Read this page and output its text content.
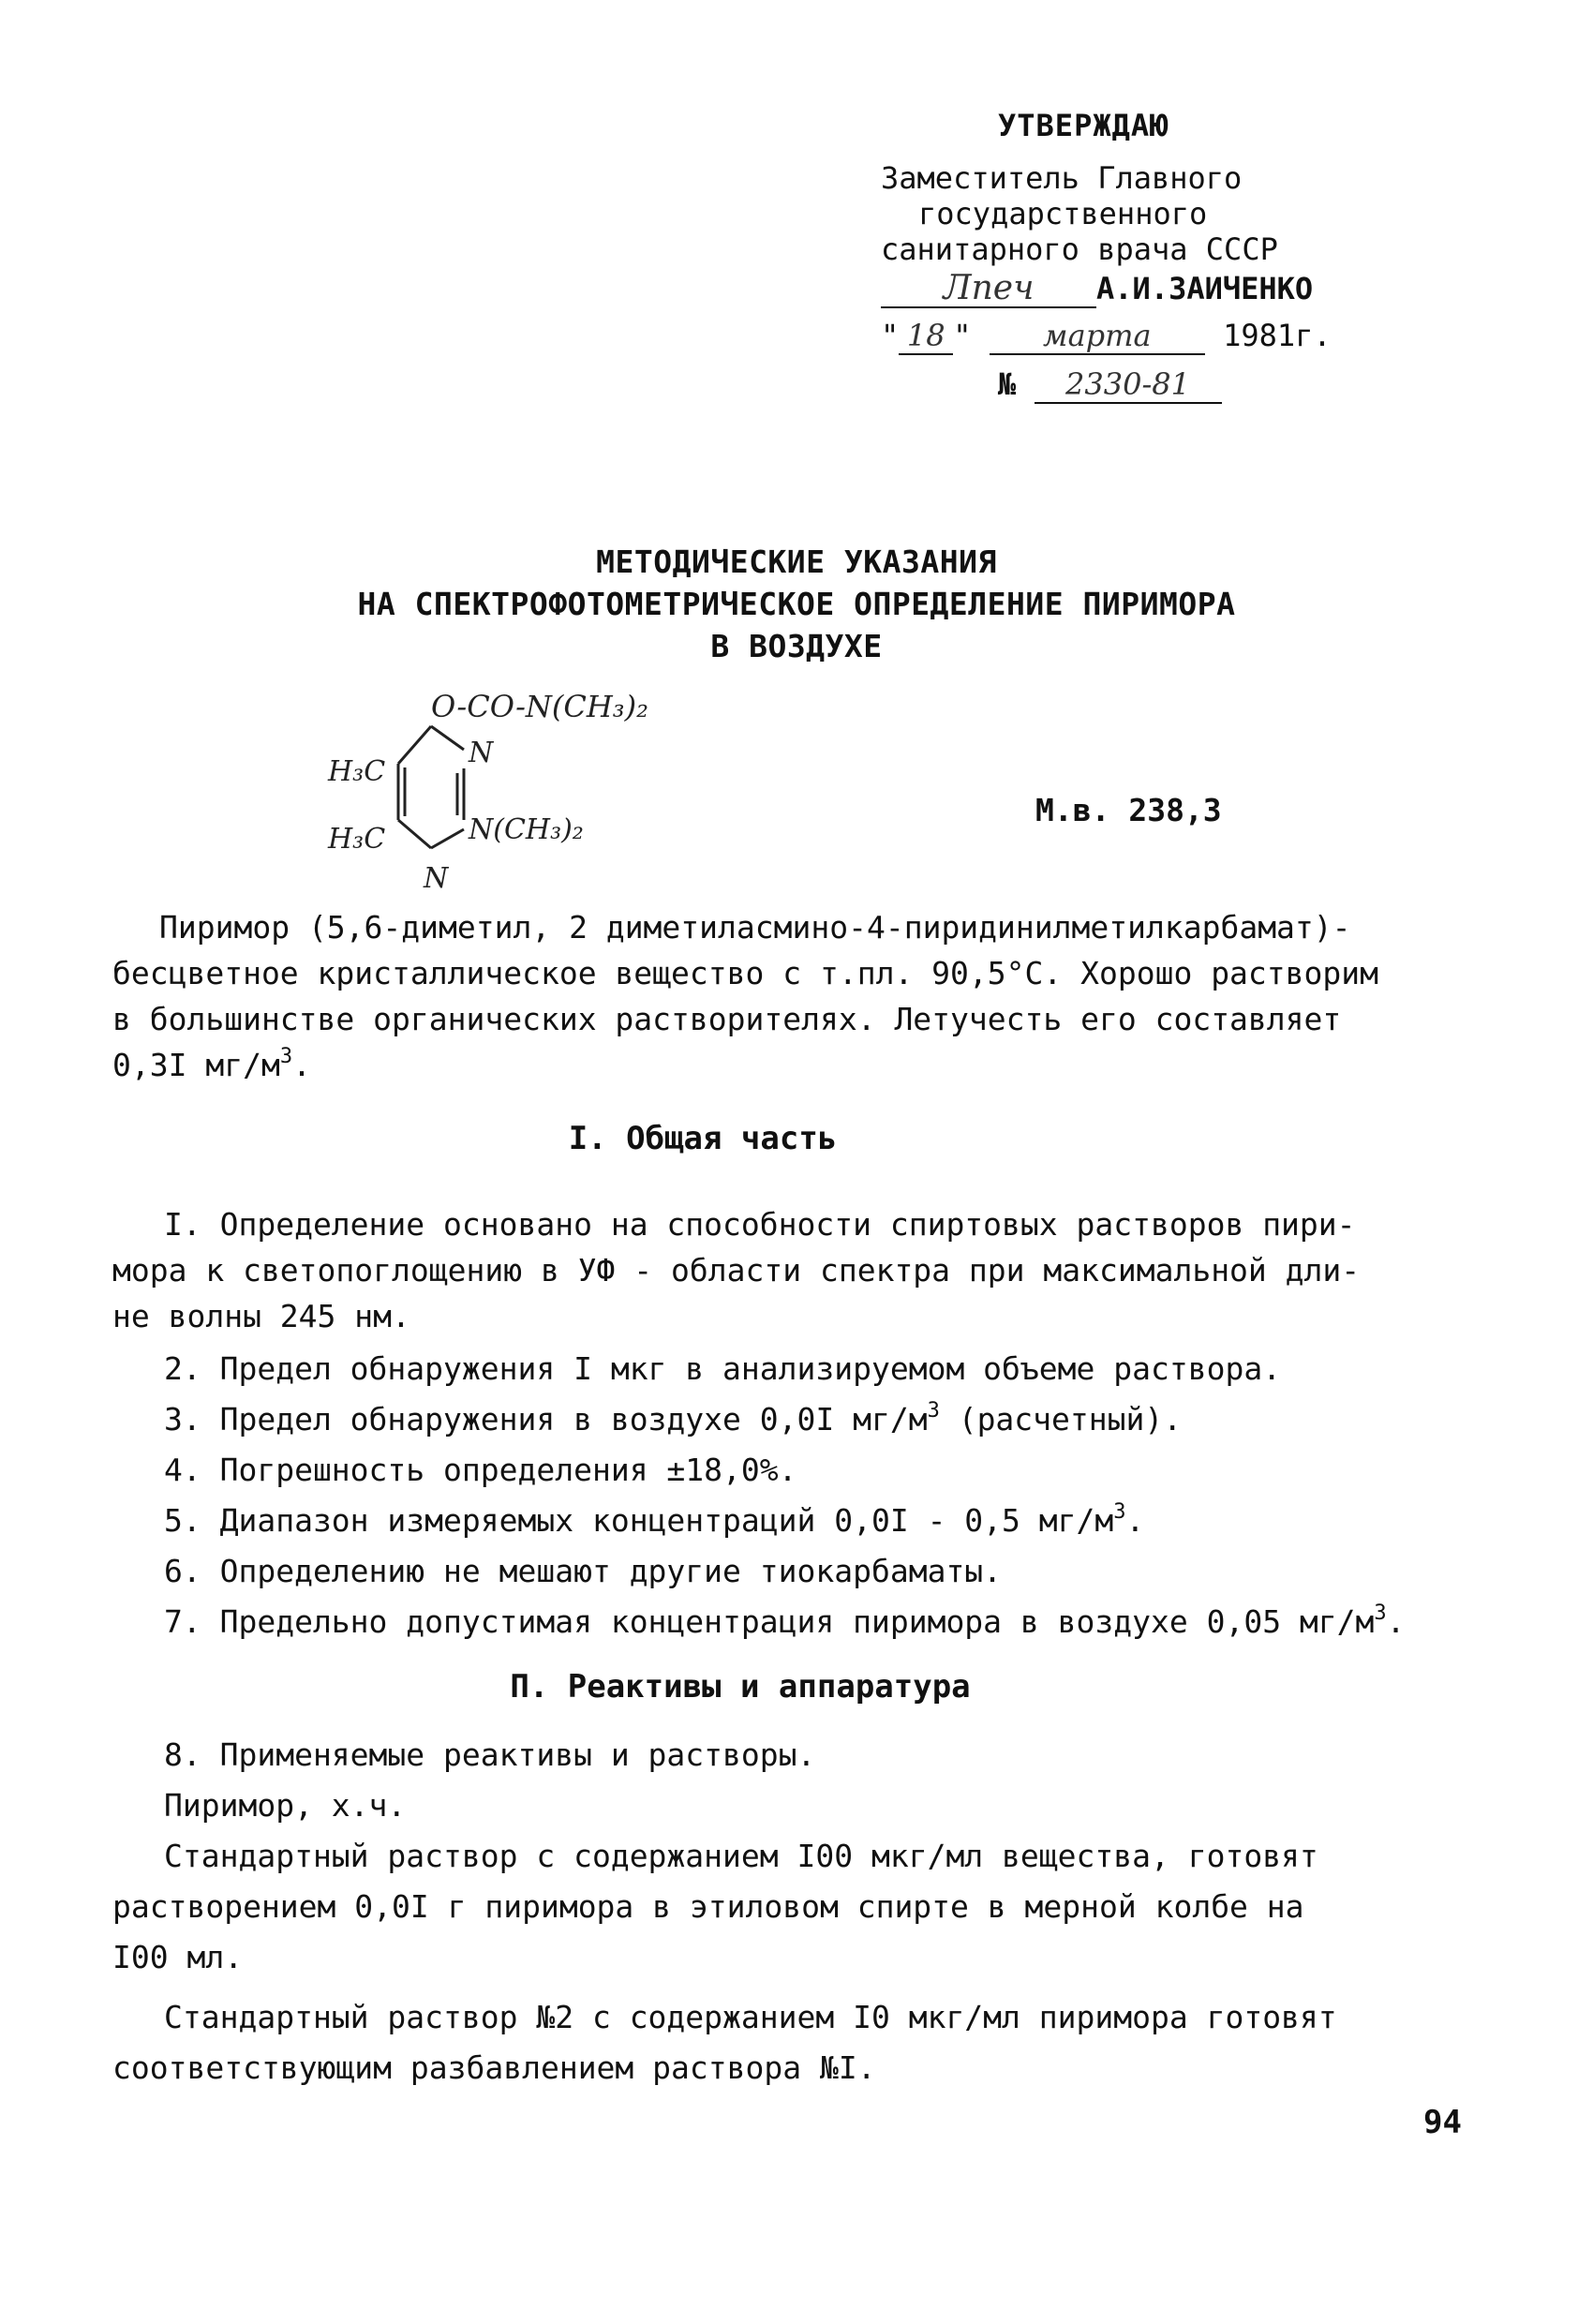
УТВЕРЖДАЮ
Заместитель Главного
государственного
санитарного врача СССР
Лпеч А.И.ЗАИЧЕНКО
" 18 " марта 1981г.
№ 2330-81
МЕТОДИЧЕСКИЕ УКАЗАНИЯ
НА СПЕКТРОФОТОМЕТРИЧЕСКОЕ ОПРЕДЕЛЕНИЕ ПИРИМОРА
В ВОЗДУХЕ
O-CO-N(CH₃)₂
N
H₃C
H₃C	N(CH₃)₂
N
М.в. 238,3
Пиримор (5,6-диметил, 2 диметиласмино-4-пиридинилметилкарбамат)-
бесцветное кристаллическое вещество с т.пл. 90,5°С. Хорошо растворим
в большинстве органических растворителях. Летучесть его составляет
0,3I $мг/м^3$.
I. Общая часть
I. Определение основано на способности спиртовых растворов пири-
мора к светопоглощению в УФ - области спектра при максимальной дли-
не волны 245 нм.
2. Предел обнаружения I мкг в анализируемом объеме раствора.
3. Предел обнаружения в воздухе 0,0I $мг/м^3$ (расчетный).
4. Погрешность определения ±18,0%.
5. Диапазон измеряемых концентраций 0,0I - 0,5 $мг/м^3$.
6. Определению не мешают другие тиокарбаматы.
7. Предельно допустимая концентрация пиримора в воздухе 0,05 $мг/м^3$.
П. Реактивы и аппаратура
8. Применяемые реактивы и растворы.
Пиримор, х.ч.
Стандартный раствор с содержанием I00 мкг/мл вещества, готовят
растворением 0,0I г пиримора в этиловом спирте в мерной колбе на
I00 мл.
Стандартный раствор №2 с содержанием I0 мкг/мл пиримора готовят
соответствующим разбавлением раствора №I.
94
